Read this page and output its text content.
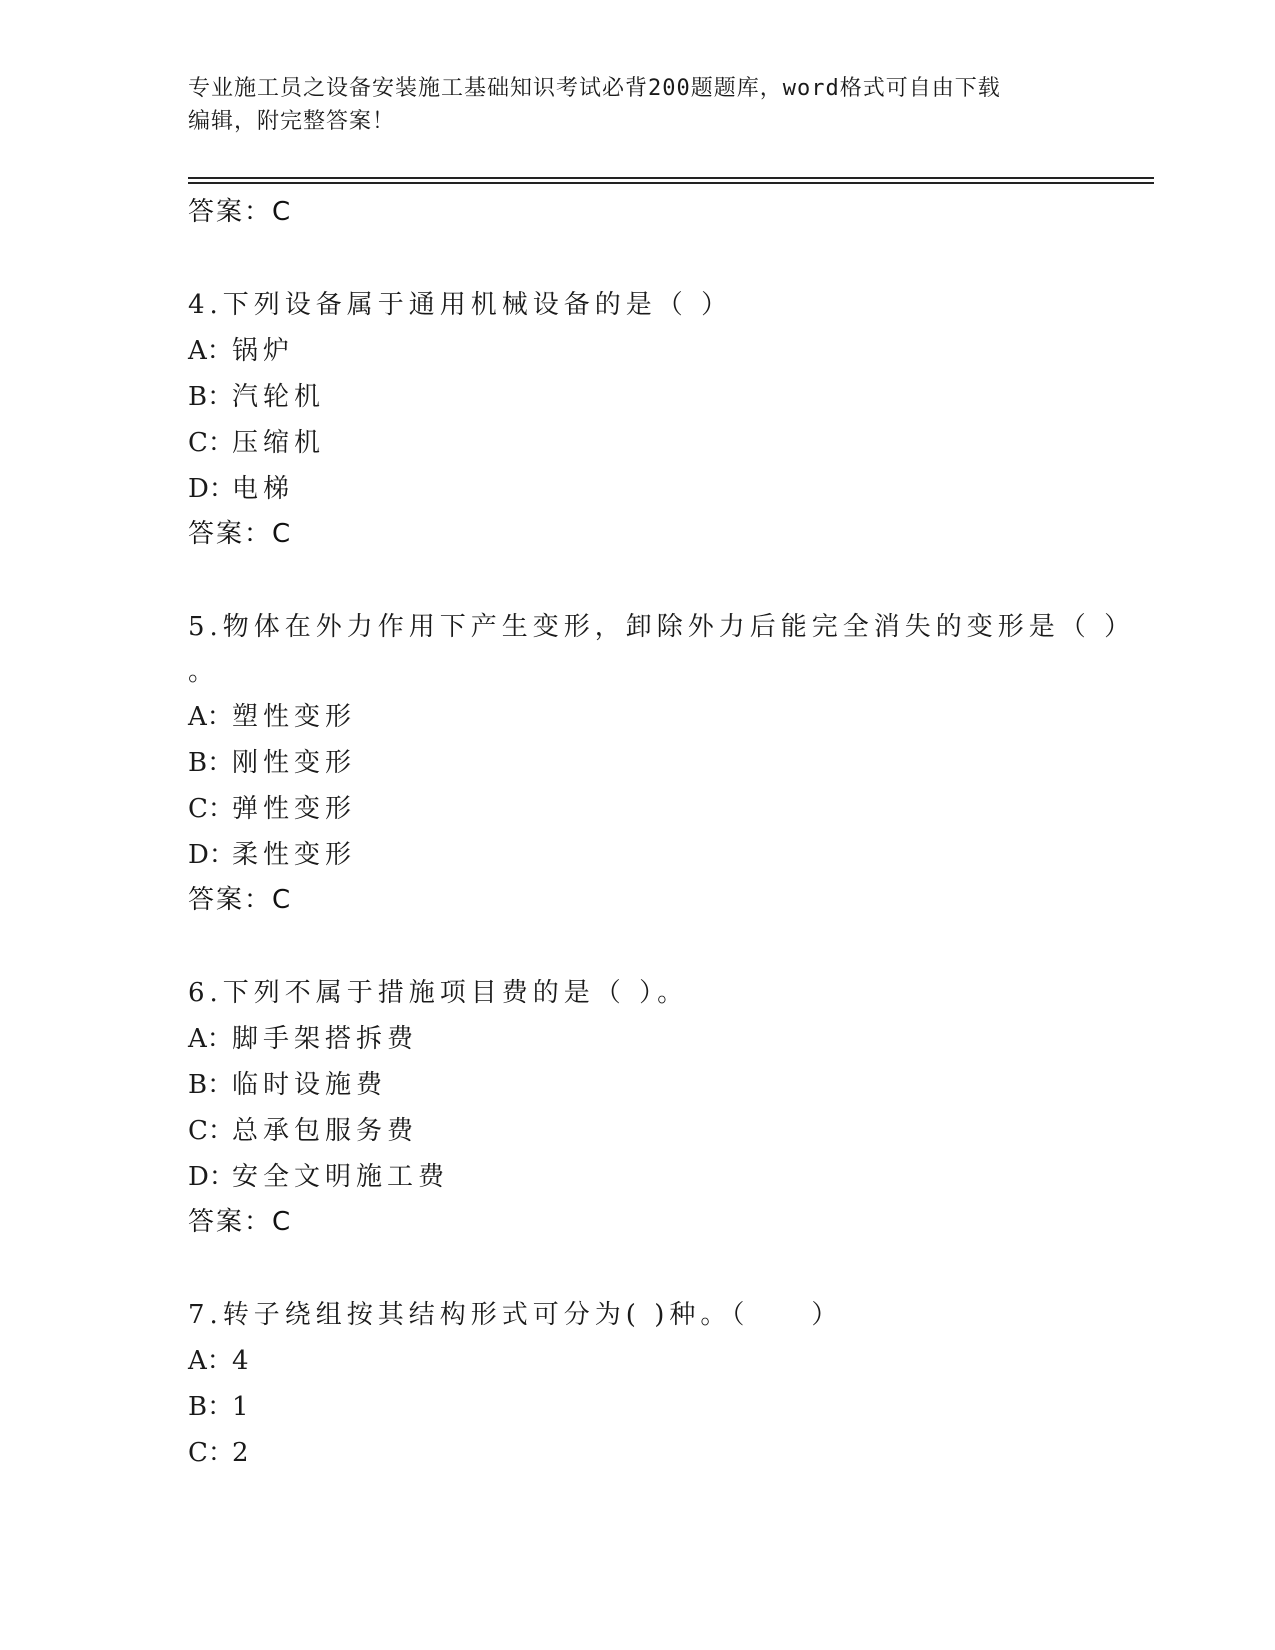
专业施工员之设备安装施工基础知识考试必背200题题库，word格式可自由下载
编辑，附完整答案！
答案：C
4.下列设备属于通用机械设备的是（ ）
A： 锅炉
B：
汽轮机
C：
压缩机
D：
电梯
答案：C
5.物体在外力作用下产生变形，卸除外力后能完全消失的变形是（ ）
。
A： 塑性变形
B：
刚性变形
C：
弹性变形
D：
柔性变形
答案：C
6.下列不属于措施项目费的是（ ）。
A： 脚手架搭拆费
B：
临时设施费
C：
总承包服务费
D：
安全文明施工费
答案：C
7.转子绕组按其结构形式可分为( )种。（　　）
A： 4
B：
1
C：
2
